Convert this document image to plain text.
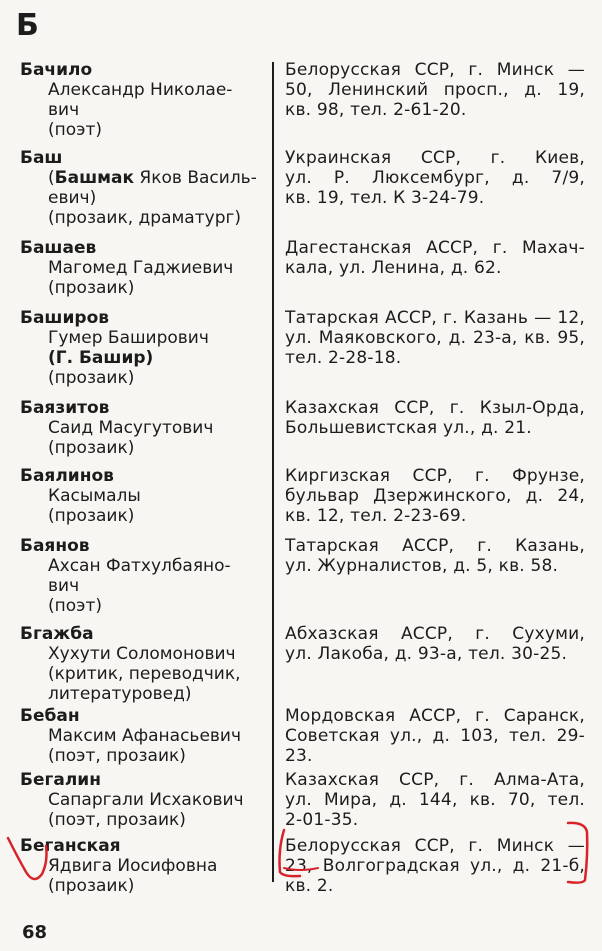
Б
Бачило
Александр Николае-
вич
(поэт)
Белорусская ССР, г. Минск —
50, Ленинский просп., д. 19,
кв. 98, тел. 2-61-20.
Баш
(Башмак Яков Василь-
евич)
(прозаик, драматург)
Украинская ССР, г. Киев,
ул. Р. Люксембург, д. 7/9,
кв. 19, тел. К 3-24-79.
Башаев
Магомед Гаджиевич
(прозаик)
Дагестанская АССР, г. Махач-
кала, ул. Ленина, д. 62.
Баширов
Гумер Баширович
(Г. Башир)
(прозаик)
Татарская АССР, г. Казань — 12,
ул. Маяковского, д. 23-а, кв. 95,
тел. 2-28-18.
Баязитов
Саид Масугутович
(прозаик)
Казахская ССР, г. Кзыл-Орда,
Большевистская ул., д. 21.
Баялинов
Касымалы
(прозаик)
Киргизская ССР, г. Фрунзе,
бульвар Дзержинского, д. 24,
кв. 12, тел. 2-23-69.
Баянов
Ахсан Фатхулбаяно-
вич
(поэт)
Татарская АССР, г. Казань,
ул. Журналистов, д. 5, кв. 58.
Бгажба
Хухути Соломонович
(критик, переводчик,
литературовед)
Абхазская АССР, г. Сухуми,
ул. Лакоба, д. 93-а, тел. 30-25.
Бебан
Максим Афанасьевич
(поэт, прозаик)
Мордовская АССР, г. Саранск,
Советская ул., д. 103, тел. 29-23.
Бегалин
Сапаргали Исхакович
(поэт, прозаик)
Казахская ССР, г. Алма-Ата,
ул. Мира, д. 144, кв. 70, тел.
2-01-35.
Беганская
Ядвига Иосифовна
(прозаик)
Белорусская ССР, г. Минск —
23, Волгоградская ул., д. 21-б,
кв. 2.
68
